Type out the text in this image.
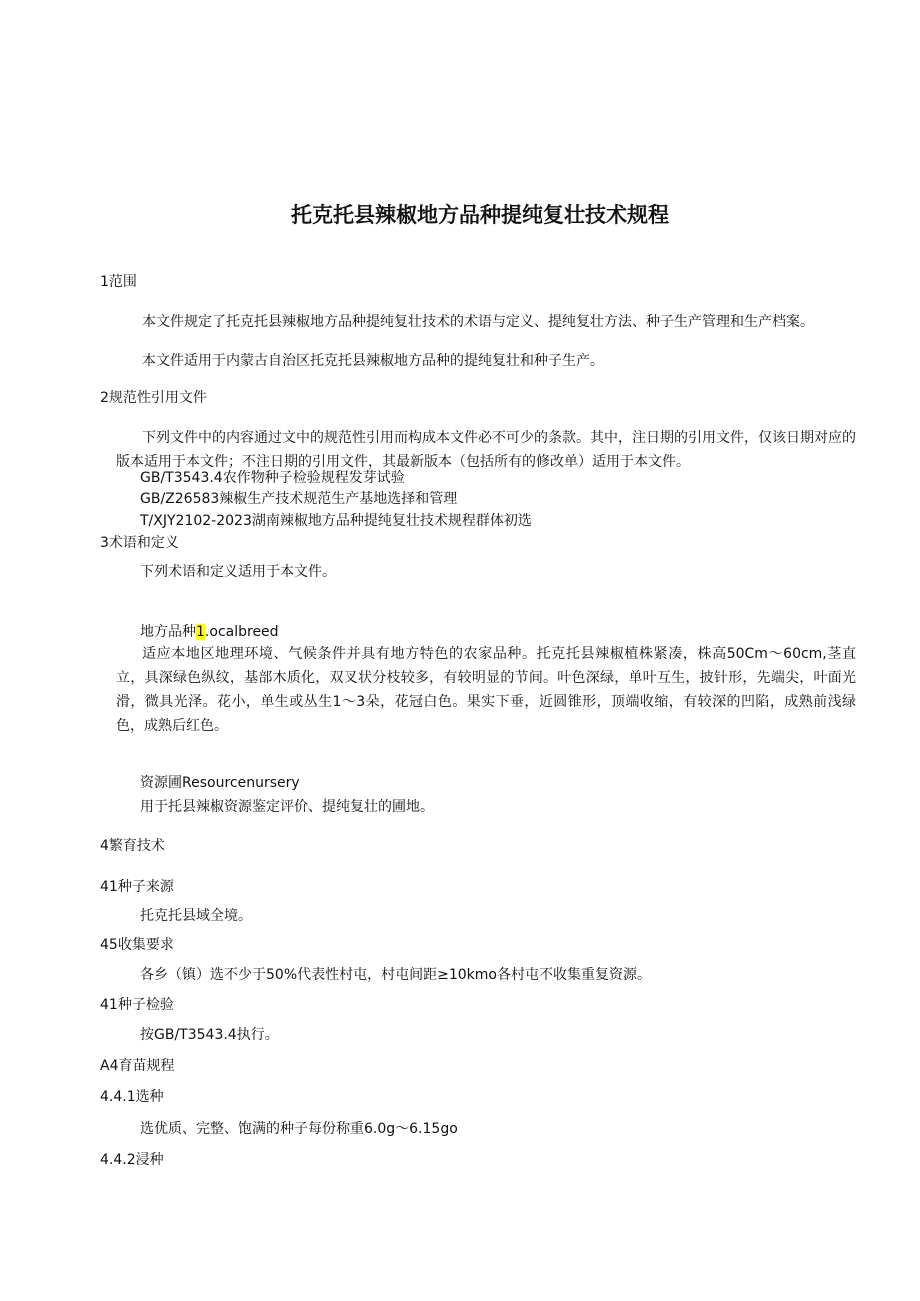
托克托县辣椒地方品种提纯复壮技术规程
1范围

本文件规定了托克托县辣椒地方品种提纯复壮技术的术语与定义、提纯复壮方法、种子生产管理和生产档案。

本文件适用于内蒙古自治区托克托县辣椒地方品种的提纯复壮和种子生产。

2规范性引用文件

下列文件中的内容通过文中的规范性引用而构成本文件必不可少的条款。其中，注日期的引用文件，仅该日期对应的版本适用于本文件；不注日期的引用文件，其最新版本（包括所有的修改单）适用于本文件。

GB/T3543.4农作物种子检验规程发芽试验
GB/Z26583辣椒生产技术规范生产基地选择和管理
T/XJY2102-2023湖南辣椒地方品种提纯复壮技术规程群体初选
3术语和定义
下列术语和定义适用于本文件。
地方品种1.ocalbreed

适应本地区地理环境、气候条件并具有地方特色的农家品种。托克托县辣椒植株紧凑，株高50Cm〜60cm,茎直立，具深绿色纵纹，基部木质化，双叉状分枝较多，有较明显的节间。叶色深绿，单叶互生，披针形，先端尖，叶面光滑，微具光泽。花小，单生或丛生1〜3朵，花冠白色。果实下垂，近圆锥形，顶端收缩，有较深的凹陷，成熟前浅绿色，成熟后红色。

资源圃Resourcenursery
用于托县辣椒资源鉴定评价、提纯复壮的圃地。
4繁育技术
41种子来源
托克托县域全境。
45收集要求
各乡（镇）选不少于50%代表性村屯，村屯间距≥10kmo各村屯不收集重复资源。
41种子检验
按GB/T3543.4执行。
A4育苗规程
4.4.1选种
选优质、完整、饱满的种子每份称重6.0g〜6.15go
4.4.2浸种
